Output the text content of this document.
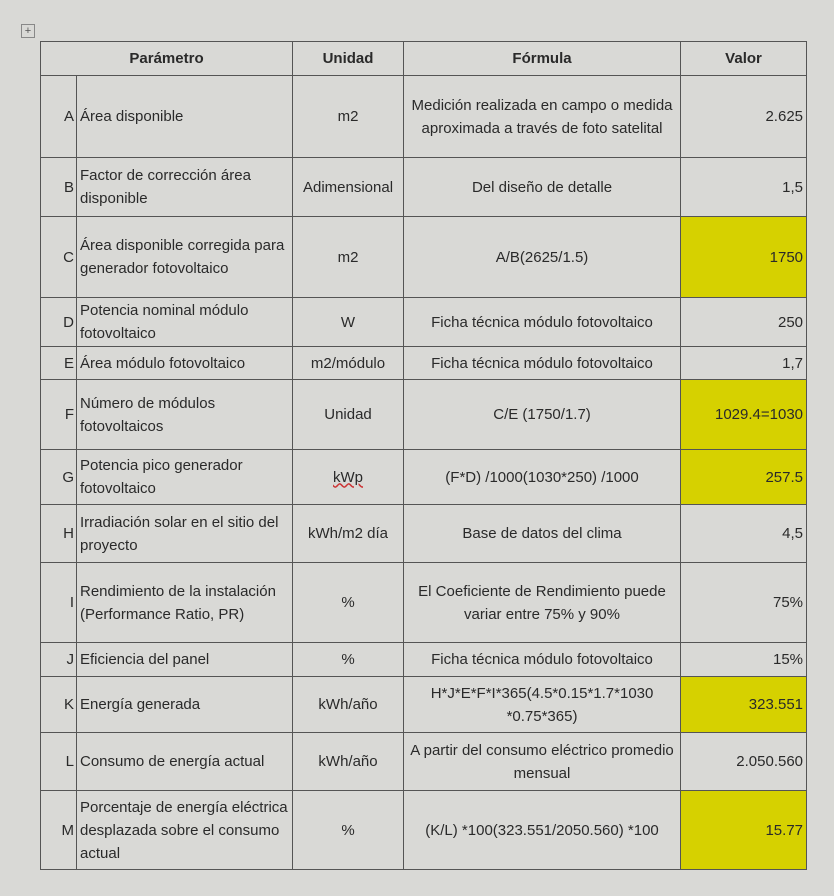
+
Parámetro		Unidad	Fórmula	Valor
A	Área disponible	m2	Medición realizada en campo o medida aproximada a través de foto satelital	2.625
B	Factor de corrección área disponible	Adimensional	Del diseño de detalle	1,5
C	Área disponible corregida para generador fotovoltaico	m2	A/B(2625/1.5)	1750
D	Potencia nominal módulo fotovoltaico	W	Ficha técnica módulo fotovoltaico	250
E	Área módulo fotovoltaico	m2/módulo	Ficha técnica módulo fotovoltaico	1,7
F	Número de módulos fotovoltaicos	Unidad	C/E (1750/1.7)	1029.4=1030
G	Potencia pico generador fotovoltaico	kWp	(F*D) /1000(1030*250) /1000	257.5
H	Irradiación solar en el sitio del proyecto	kWh/m2 día	Base de datos del clima	4,5
I	Rendimiento de la instalación (Performance Ratio, PR)	%	El Coeficiente de Rendimiento puede variar entre 75% y 90%	75%
J	Eficiencia del panel	%	Ficha técnica módulo fotovoltaico	15%
K	Energía generada	kWh/año	H*J*E*F*I*365(4.5*0.15*1.7*1030 *0.75*365)	323.551
L	Consumo de energía actual	kWh/año	A partir del consumo eléctrico promedio mensual	2.050.560
M	Porcentaje de energía eléctrica desplazada sobre el consumo actual	%	(K/L) *100(323.551/2050.560) *100	15.77
